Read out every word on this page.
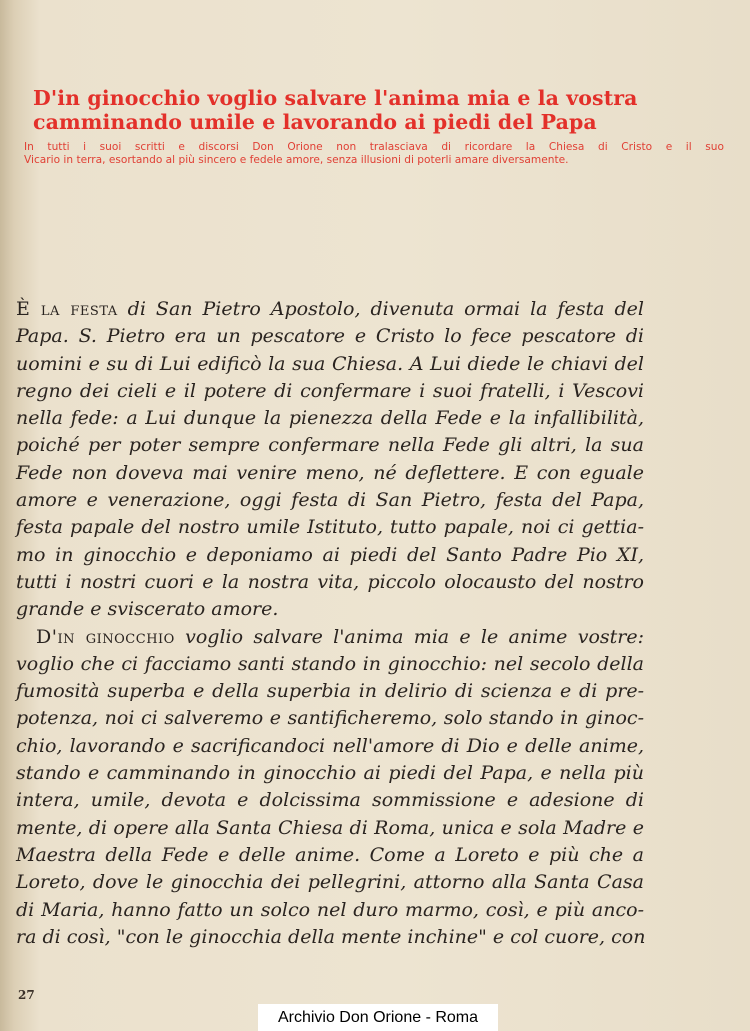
D'in ginocchio voglio salvare l'anima mia e la vostra
camminando umile e lavorando ai piedi del Papa
In tutti i suoi scritti e discorsi Don Orione non tralasciava di ricordare la Chiesa di Cristo e il suo
Vicario in terra, esortando al più sincero e fedele amore, senza illusioni di poterli amare diversamente.
È la festa di San Pietro Apostolo, divenuta ormai la festa del
Papa. S. Pietro era un pescatore e Cristo lo fece pescatore di
uomini e su di Lui edificò la sua Chiesa. A Lui diede le chiavi del
regno dei cieli e il potere di confermare i suoi fratelli, i Vescovi
nella fede: a Lui dunque la pienezza della Fede e la infallibilità,
poiché per poter sempre confermare nella Fede gli altri, la sua
Fede non doveva mai venire meno, né deflettere. E con eguale
amore e venerazione, oggi festa di San Pietro, festa del Papa,
festa papale del nostro umile Istituto, tutto papale, noi ci gettia-
mo in ginocchio e deponiamo ai piedi del Santo Padre Pio XI,
tutti i nostri cuori e la nostra vita, piccolo olocausto del nostro
grande e sviscerato amore.
D'in ginocchio voglio salvare l'anima mia e le anime vostre:
voglio che ci facciamo santi stando in ginocchio: nel secolo della
fumosità superba e della superbia in delirio di scienza e di pre-
potenza, noi ci salveremo e santificheremo, solo stando in ginoc-
chio, lavorando e sacrificandoci nell'amore di Dio e delle anime,
stando e camminando in ginocchio ai piedi del Papa, e nella più
intera, umile, devota e dolcissima sommissione e adesione di
mente, di opere alla Santa Chiesa di Roma, unica e sola Madre e
Maestra della Fede e delle anime. Come a Loreto e più che a
Loreto, dove le ginocchia dei pellegrini, attorno alla Santa Casa
di Maria, hanno fatto un solco nel duro marmo, così, e più anco-
ra di così, "con le ginocchia della mente inchine" e col cuore, con
27
Archivio Don Orione - Roma
